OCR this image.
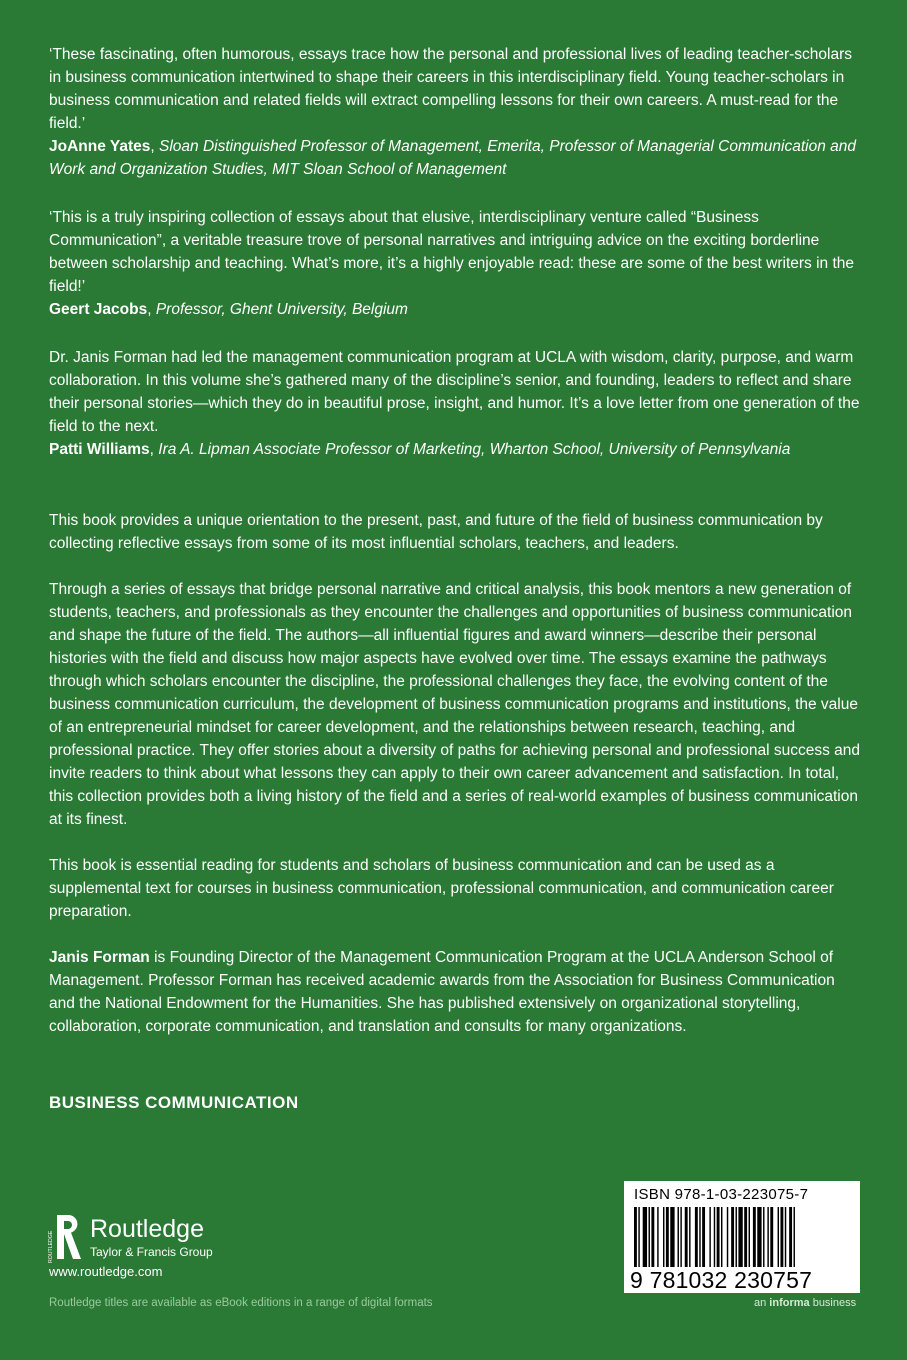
‘These fascinating, often humorous, essays trace how the personal and professional lives of leading teacher-scholars in business communication intertwined to shape their careers in this interdisciplinary field. Young teacher-scholars in business communication and related fields will extract compelling lessons for their own careers. A must-read for the field.’
JoAnne Yates, Sloan Distinguished Professor of Management, Emerita, Professor of Managerial Communication and Work and Organization Studies, MIT Sloan School of Management

‘This is a truly inspiring collection of essays about that elusive, interdisciplinary venture called “Business Communication”, a veritable treasure trove of personal narratives and intriguing advice on the exciting borderline between scholarship and teaching. What’s more, it’s a highly enjoyable read: these are some of the best writers in the field!’
Geert Jacobs, Professor, Ghent University, Belgium

Dr. Janis Forman had led the management communication program at UCLA with wisdom, clarity, purpose, and warm collaboration. In this volume she’s gathered many of the discipline’s senior, and founding, leaders to reflect and share their personal stories—which they do in beautiful prose, insight, and humor. It’s a love letter from one generation of the field to the next.
Patti Williams, Ira A. Lipman Associate Professor of Marketing, Wharton School, University of Pennsylvania

This book provides a unique orientation to the present, past, and future of the field of business communication by collecting reflective essays from some of its most influential scholars, teachers, and leaders.

Through a series of essays that bridge personal narrative and critical analysis, this book mentors a new generation of students, teachers, and professionals as they encounter the challenges and opportunities of business communication and shape the future of the field. The authors—all influential figures and award winners—describe their personal histories with the field and discuss how major aspects have evolved over time. The essays examine the pathways through which scholars encounter the discipline, the professional challenges they face, the evolving content of the business communication curriculum, the development of business communication programs and institutions, the value of an entrepreneurial mindset for career development, and the relationships between research, teaching, and professional practice. They offer stories about a diversity of paths for achieving personal and professional success and invite readers to think about what lessons they can apply to their own career advancement and satisfaction. In total, this collection provides both a living history of the field and a series of real-world examples of business communication at its finest.

This book is essential reading for students and scholars of business communication and can be used as a supplemental text for courses in business communication, professional communication, and communication career preparation.

Janis Forman is Founding Director of the Management Communication Program at the UCLA Anderson School of Management. Professor Forman has received academic awards from the Association for Business Communication and the National Endowment for the Humanities. She has published extensively on organizational storytelling, collaboration, corporate communication, and translation and consults for many organizations.

BUSINESS COMMUNICATION
ROUTLEDGE
Routledge
Taylor & Francis Group
www.routledge.com
Routledge titles are available as eBook editions in a range of digital formats
ISBN 978-1-03-223075-7
9 781032 230757
an informa business
